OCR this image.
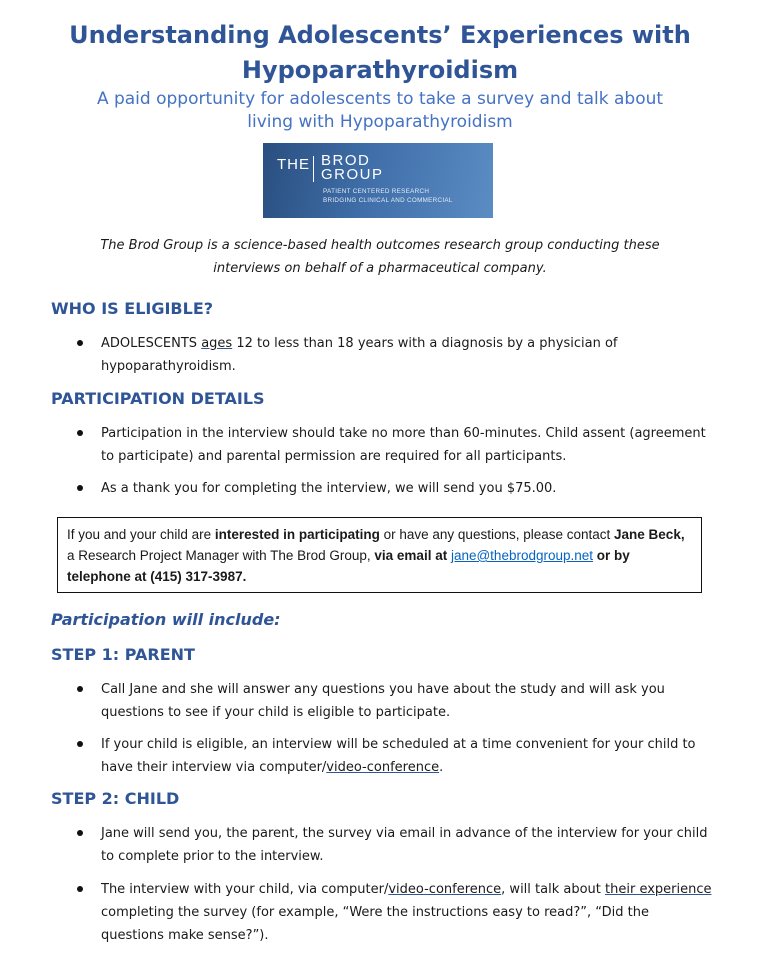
Understanding Adolescents’ Experiences with Hypoparathyroidism

A paid opportunity for adolescents to take a survey and talk about living with Hypoparathyroidism

THE BROD
GROUP
PATIENT CENTERED RESEARCH
BRIDGING CLINICAL AND COMMERCIAL

The Brod Group is a science-based health outcomes research group conducting these interviews on behalf of a pharmaceutical company.

WHO IS ELIGIBLE?

ADOLESCENTS ages 12 to less than 18 years with a diagnosis by a physician of hypoparathyroidism.

PARTICIPATION DETAILS

Participation in the interview should take no more than 60-minutes. Child assent (agreement to participate) and parental permission are required for all participants.

As a thank you for completing the interview, we will send you $75.00.

If you and your child are interested in participating or have any questions, please contact Jane Beck, a Research Project Manager with The Brod Group, via email at jane@thebrodgroup.net or by telephone at (415) 317-3987.

Participation will include:
STEP 1: PARENT

Call Jane and she will answer any questions you have about the study and will ask you questions to see if your child is eligible to participate.

If your child is eligible, an interview will be scheduled at a time convenient for your child to have their interview via computer/video-conference.

STEP 2: CHILD

Jane will send you, the parent, the survey via email in advance of the interview for your child to complete prior to the interview.

The interview with your child, via computer/video-conference, will talk about their experience completing the survey (for example, “Were the instructions easy to read?”, “Did the questions make sense?”).
